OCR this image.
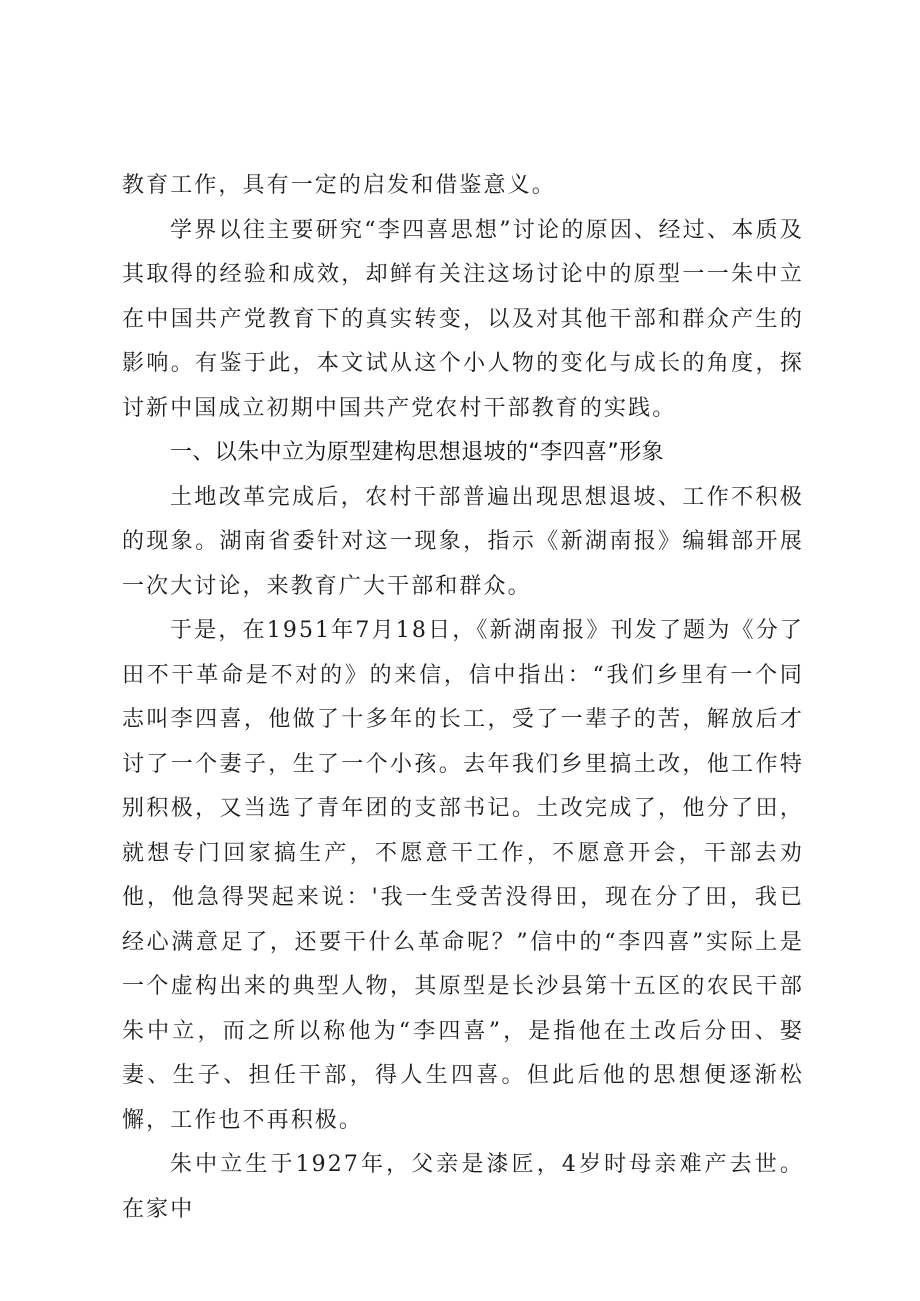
教育工作，具有一定的启发和借鉴意义。

学界以往主要研究“李四喜思想”讨论的原因、经过、本质及其取得的经验和成效，却鲜有关注这场讨论中的原型一一朱中立在中国共产党教育下的真实转变，以及对其他干部和群众产生的影响。有鉴于此，本文试从这个小人物的变化与成长的角度，探讨新中国成立初期中国共产党农村干部教育的实践。

一、以朱中立为原型建构思想退坡的“李四喜”形象

土地改革完成后，农村干部普遍出现思想退坡、工作不积极的现象。湖南省委针对这一现象，指示《新湖南报》编辑部开展一次大讨论，来教育广大干部和群众。

于是，在1951年7月18日，《新湖南报》刊发了题为《分了田不干革命是不对的》的来信，信中指出：“我们乡里有一个同志叫李四喜，他做了十多年的长工，受了一辈子的苦，解放后才讨了一个妻子，生了一个小孩。去年我们乡里搞土改，他工作特别积极，又当选了青年团的支部书记。土改完成了，他分了田，就想专门回家搞生产，不愿意干工作，不愿意开会，干部去劝他，他急得哭起来说：'我一生受苦没得田，现在分了田，我已经心满意足了，还要干什么革命呢？”信中的“李四喜”实际上是一个虚构出来的典型人物，其原型是长沙县第十五区的农民干部朱中立，而之所以称他为“李四喜”，是指他在土改后分田、娶妻、生子、担任干部，得人生四喜。但此后他的思想便逐渐松懈，工作也不再积极。

朱中立生于1927年，父亲是漆匠，4岁时母亲难产去世。在家中
